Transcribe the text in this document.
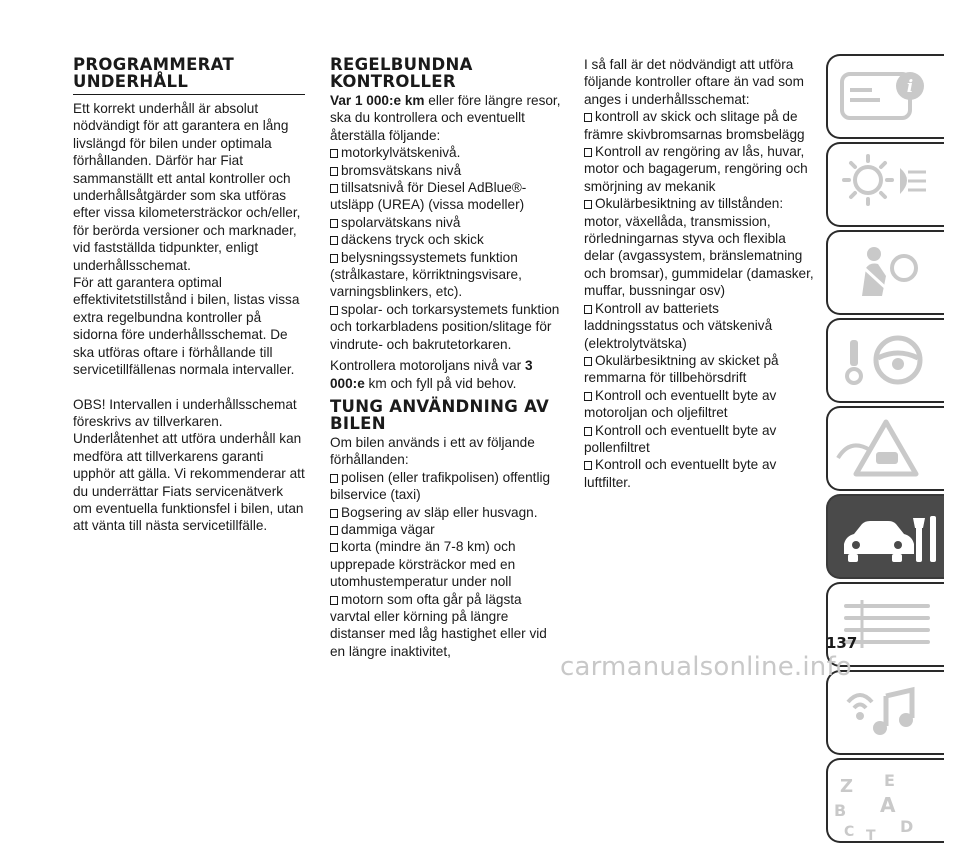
PROGRAMMERAT
UNDERHÅLL

Ett korrekt underhåll är absolut nödvändigt för att garantera en lång livslängd för bilen under optimala förhållanden. Därför har Fiat sammanställt ett antal kontroller och underhållsåtgärder som ska utföras efter vissa kilometersträckor och/eller, för berörda versioner och marknader, vid fastställda tidpunkter, enligt underhållsschemat.

För att garantera optimal effektivitetstillstånd i bilen, listas vissa extra regelbundna kontroller på sidorna före underhållsschemat. De ska utföras oftare i förhållande till servicetillfällenas normala intervaller.

OBS! Intervallen i underhållsschemat föreskrivs av tillverkaren. Underlåtenhet att utföra underhåll kan medföra att tillverkarens garanti upphör att gälla. Vi rekommenderar att du underrättar Fiats servicenätverk om eventuella funktionsfel i bilen, utan att vänta till nästa servicetillfälle.

REGELBUNDNA
KONTROLLER

Var 1 000:e km eller före längre resor, ska du kontrollera och eventuellt återställa följande:

motorkylvätskenivå.

bromsvätskans nivå

tillsatsnivå för Diesel AdBlue®-utsläpp (UREA) (vissa modeller)

spolarvätskans nivå

däckens tryck och skick

belysningssystemets funktion (strålkastare, körriktningsvisare, varningsblinkers, etc).

spolar- och torkarsystemets funktion och torkarbladens position/slitage för vindrute- och bakrutetorkaren.

Kontrollera motoroljans nivå var 3 000:e km och fyll på vid behov.

TUNG ANVÄNDNING AV
BILEN

Om bilen används i ett av följande förhållanden:

polisen (eller trafikpolisen) offentlig bilservice (taxi)

Bogsering av släp eller husvagn.

dammiga vägar

korta (mindre än 7-8 km) och upprepade körsträckor med en utomhustemperatur under noll

motorn som ofta går på lägsta varvtal eller körning på längre distanser med låg hastighet eller vid en längre inaktivitet,

I så fall är det nödvändigt att utföra följande kontroller oftare än vad som anges i underhållsschemat:

kontroll av skick och slitage på de främre skivbromsarnas bromsbelägg

Kontroll av rengöring av lås, huvar, motor och bagagerum, rengöring och smörjning av mekanik

Okulärbesiktning av tillstånden: motor, växellåda, transmission, rörledningarnas styva och flexibla delar (avgassystem, bränslematning och bromsar), gummidelar (damasker, muffar, bussningar osv)

Kontroll av batteriets laddningsstatus och vätskenivå (elektrolytvätska)

Okulärbesiktning av skicket på remmarna för tillbehörsdrift

Kontroll och eventuellt byte av motoroljan och oljefiltret

Kontroll och eventuellt byte av pollenfiltret

Kontroll och eventuellt byte av luftfilter.

i
Z E
B A
C	D
T
137
carmanualsonline.info
